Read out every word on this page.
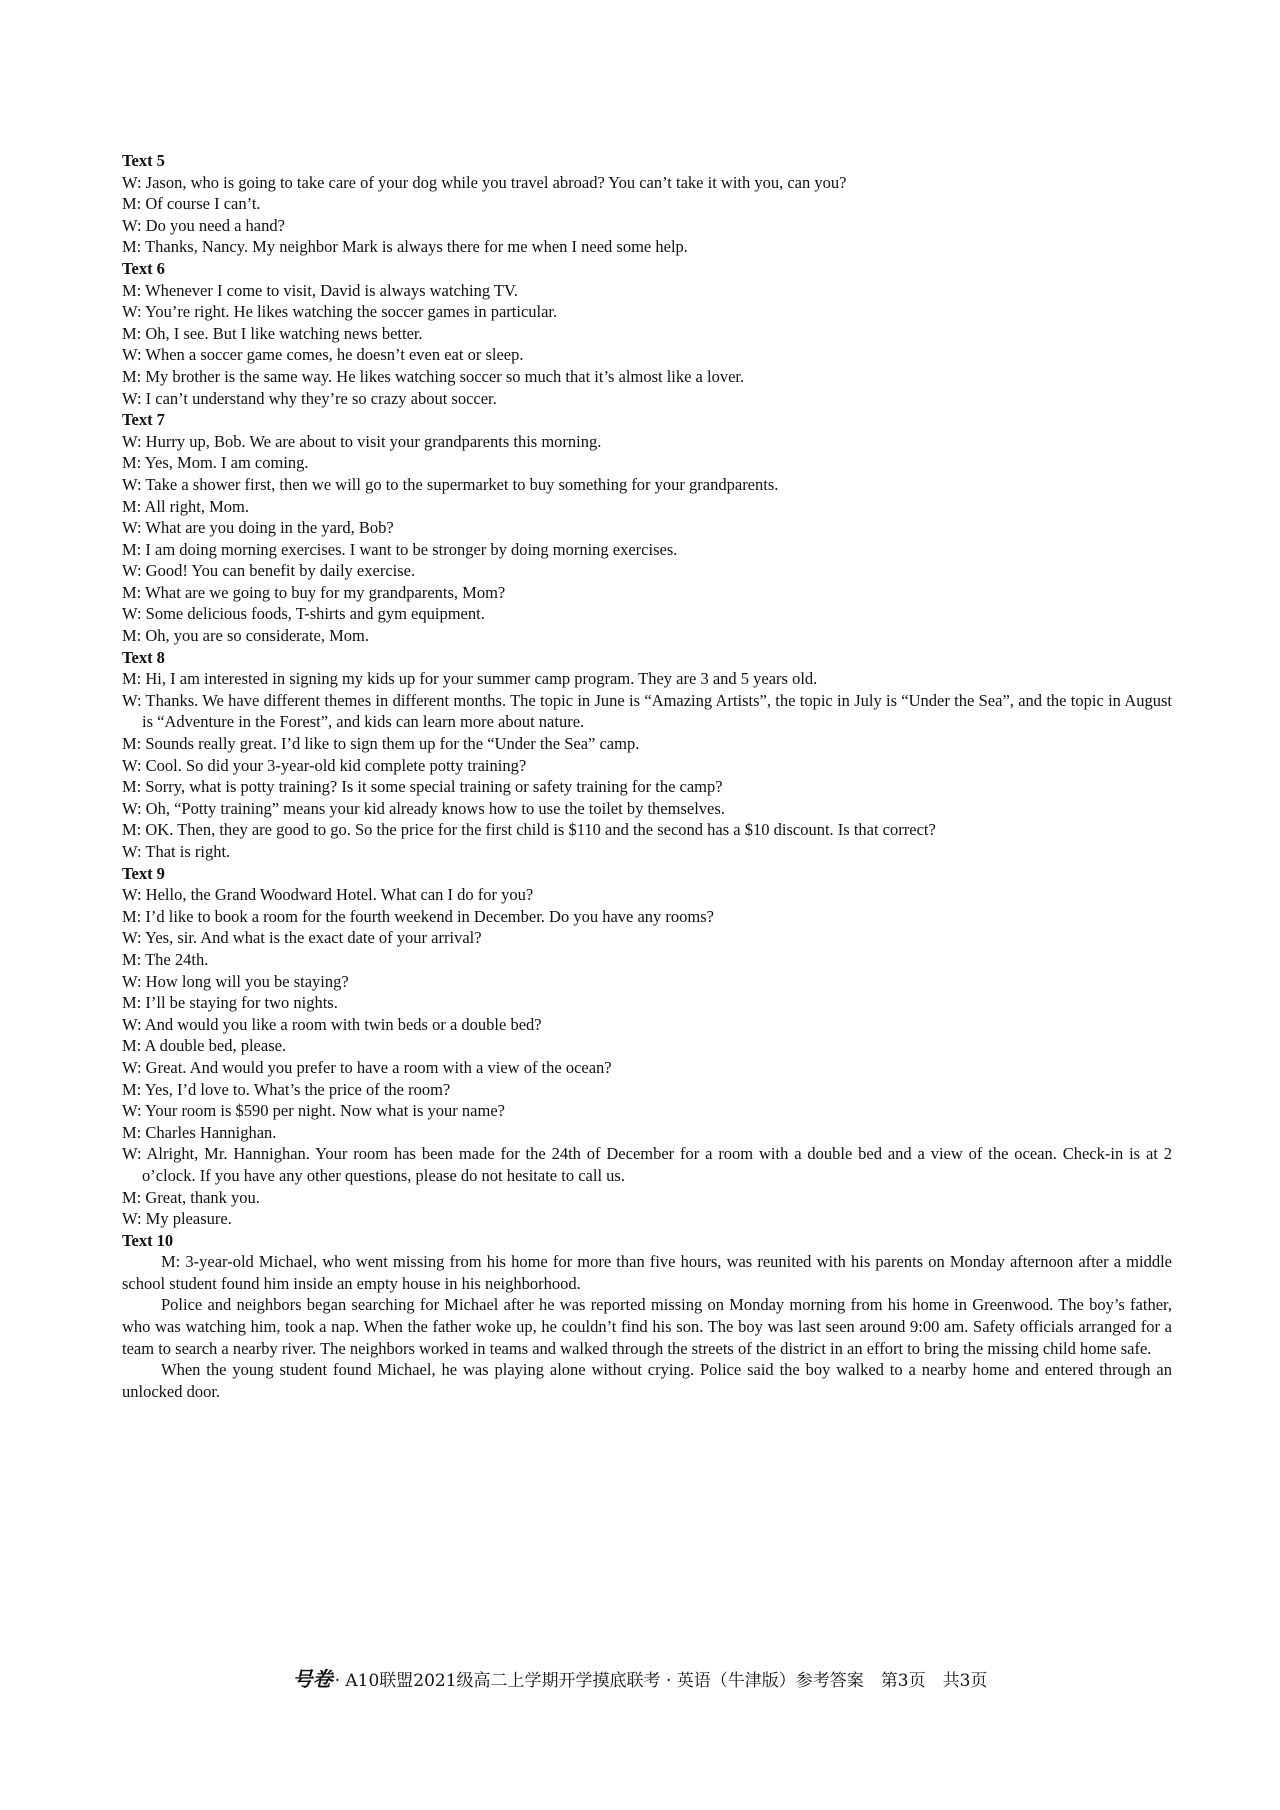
Text 5
W: Jason, who is going to take care of your dog while you travel abroad? You can’t take it with you, can you?
M: Of course I can’t.
W: Do you need a hand?
M: Thanks, Nancy. My neighbor Mark is always there for me when I need some help.
Text 6
M: Whenever I come to visit, David is always watching TV.
W: You’re right. He likes watching the soccer games in particular.
M: Oh, I see. But I like watching news better.
W: When a soccer game comes, he doesn’t even eat or sleep.
M: My brother is the same way. He likes watching soccer so much that it’s almost like a lover.
W: I can’t understand why they’re so crazy about soccer.
Text 7
W: Hurry up, Bob. We are about to visit your grandparents this morning.
M: Yes, Mom. I am coming.
W: Take a shower first, then we will go to the supermarket to buy something for your grandparents.
M: All right, Mom.
W: What are you doing in the yard, Bob?
M: I am doing morning exercises. I want to be stronger by doing morning exercises.
W: Good! You can benefit by daily exercise.
M: What are we going to buy for my grandparents, Mom?
W: Some delicious foods, T-shirts and gym equipment.
M: Oh, you are so considerate, Mom.
Text 8
M: Hi, I am interested in signing my kids up for your summer camp program. They are 3 and 5 years old.
W: Thanks. We have different themes in different months. The topic in June is “Amazing Artists”, the topic in July is “Under the Sea”, and the topic in August is “Adventure in the Forest”, and kids can learn more about nature.
M: Sounds really great. I’d like to sign them up for the “Under the Sea” camp.
W: Cool. So did your 3-year-old kid complete potty training?
M: Sorry, what is potty training? Is it some special training or safety training for the camp?
W: Oh, “Potty training” means your kid already knows how to use the toilet by themselves.
M: OK. Then, they are good to go. So the price for the first child is $110 and the second has a $10 discount. Is that correct?
W: That is right.
Text 9
W: Hello, the Grand Woodward Hotel. What can I do for you?
M: I’d like to book a room for the fourth weekend in December. Do you have any rooms?
W: Yes, sir. And what is the exact date of your arrival?
M: The 24th.
W: How long will you be staying?
M: I’ll be staying for two nights.
W: And would you like a room with twin beds or a double bed?
M: A double bed, please.
W: Great. And would you prefer to have a room with a view of the ocean?
M: Yes, I’d love to. What’s the price of the room?
W: Your room is $590 per night. Now what is your name?
M: Charles Hannighan.
W: Alright, Mr. Hannighan. Your room has been made for the 24th of December for a room with a double bed and a view of the ocean. Check-in is at 2 o’clock. If you have any other questions, please do not hesitate to call us.
M: Great, thank you.
W: My pleasure.
Text 10
M: 3-year-old Michael, who went missing from his home for more than five hours, was reunited with his parents on Monday afternoon after a middle school student found him inside an empty house in his neighborhood.
Police and neighbors began searching for Michael after he was reported missing on Monday morning from his home in Greenwood. The boy’s father, who was watching him, took a nap. When the father woke up, he couldn’t find his son. The boy was last seen around 9:00 am. Safety officials arranged for a team to search a nearby river. The neighbors worked in teams and walked through the streets of the district in an effort to bring the missing child home safe.
When the young student found Michael, he was playing alone without crying. Police said the boy walked to a nearby home and entered through an unlocked door.
号卷 · A10联盟2021级高二上学期开学摸底联考 · 英语（牛津版）参考答案　第3页　共3页
